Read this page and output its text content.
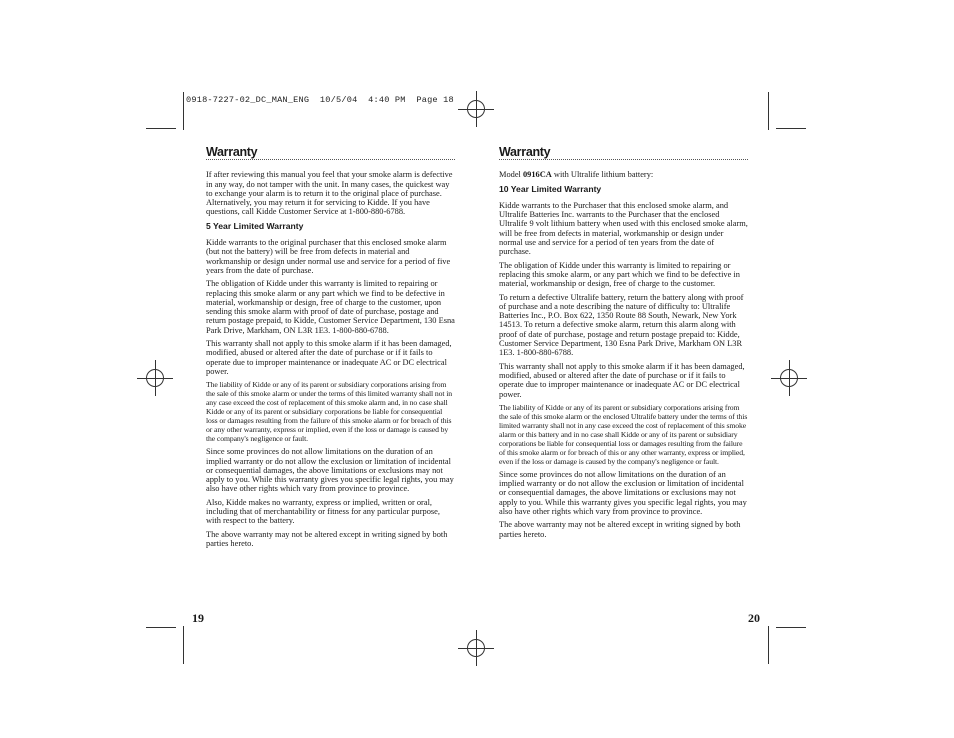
0918-7227-02_DC_MAN_ENG  10/5/04  4:40 PM  Page 18
Warranty

If after reviewing this manual you feel that your smoke alarm is defective in any way, do not tamper with the unit. In many cases, the quickest way to exchange your alarm is to return it to the original place of purchase. Alternatively, you may return it for servicing to Kidde. If you have questions, call Kidde Customer Service at 1-800-880-6788.

5 Year Limited Warranty

Kidde warrants to the original purchaser that this enclosed smoke alarm (but not the battery) will be free from defects in material and workmanship or design under normal use and service for a period of five years from the date of purchase.

The obligation of Kidde under this warranty is limited to repairing or replacing this smoke alarm or any part which we find to be defective in material, workmanship or design, free of charge to the customer, upon sending this smoke alarm with proof of date of purchase, postage and return postage prepaid, to Kidde, Customer Service Department, 130 Esna Park Drive, Markham, ON L3R 1E3. 1-800-880-6788.

This warranty shall not apply to this smoke alarm if it has been damaged, modified, abused or altered after the date of purchase or if it fails to operate due to improper maintenance or inadequate AC or DC electrical power.

The liability of Kidde or any of its parent or subsidiary corporations arising from the sale of this smoke alarm or under the terms of this limited warranty shall not in any case exceed the cost of replacement of this smoke alarm and, in no case shall Kidde or any of its parent or subsidiary corporations be liable for consequential loss or damages resulting from the failure of this smoke alarm or for breach of this or any other warranty, express or implied, even if the loss or damage is caused by the company's negligence or fault.

Since some provinces do not allow limitations on the duration of an implied warranty or do not allow the exclusion or limitation of incidental or consequential damages, the above limitations or exclusions may not apply to you. While this warranty gives you specific legal rights, you may also have other rights which vary from province to province.

Also, Kidde makes no warranty, express or implied, written or oral, including that of merchantability or fitness for any particular purpose, with respect to the battery.

The above warranty may not be altered except in writing signed by both parties hereto.

19
Warranty

Model 0916CA with Ultralife lithium battery:

10 Year Limited Warranty

Kidde warrants to the Purchaser that this enclosed smoke alarm, and Ultralife Batteries Inc. warrants to the Purchaser that the enclosed Ultralife 9 volt lithium battery when used with this enclosed smoke alarm, will be free from defects in material, workmanship or design under normal use and service for a period of ten years from the date of purchase.

The obligation of Kidde under this warranty is limited to repairing or replacing this smoke alarm, or any part which we find to be defective in material, workmanship or design, free of charge to the customer.

To return a defective Ultralife battery, return the battery along with proof of purchase and a note describing the nature of difficulty to: Ultralife Batteries Inc., P.O. Box 622, 1350 Route 88 South, Newark, New York 14513. To return a defective smoke alarm, return this alarm along with proof of date of purchase, postage and return postage prepaid to: Kidde, Customer Service Department, 130 Esna Park Drive, Markham ON L3R 1E3. 1-800-880-6788.

This warranty shall not apply to this smoke alarm if it has been damaged, modified, abused or altered after the date of purchase or if it fails to operate due to improper maintenance or inadequate AC or DC electrical power.

The liability of Kidde or any of its parent or subsidiary corporations arising from the sale of this smoke alarm or the enclosed Ultralife battery under the terms of this limited warranty shall not in any case exceed the cost of replacement of this smoke alarm or this battery and in no case shall Kidde or any of its parent or subsidiary corporations be liable for consequential loss or damages resulting from the failure of this smoke alarm or for breach of this or any other warranty, express or implied, even if the loss or damage is caused by the company's negligence or fault.

Since some provinces do not allow limitations on the duration of an implied warranty or do not allow the exclusion or limitation of incidental or consequential damages, the above limitations or exclusions may not apply to you. While this warranty gives you specific legal rights, you may also have other rights which vary from province to province.

The above warranty may not be altered except in writing signed by both parties hereto.

20
